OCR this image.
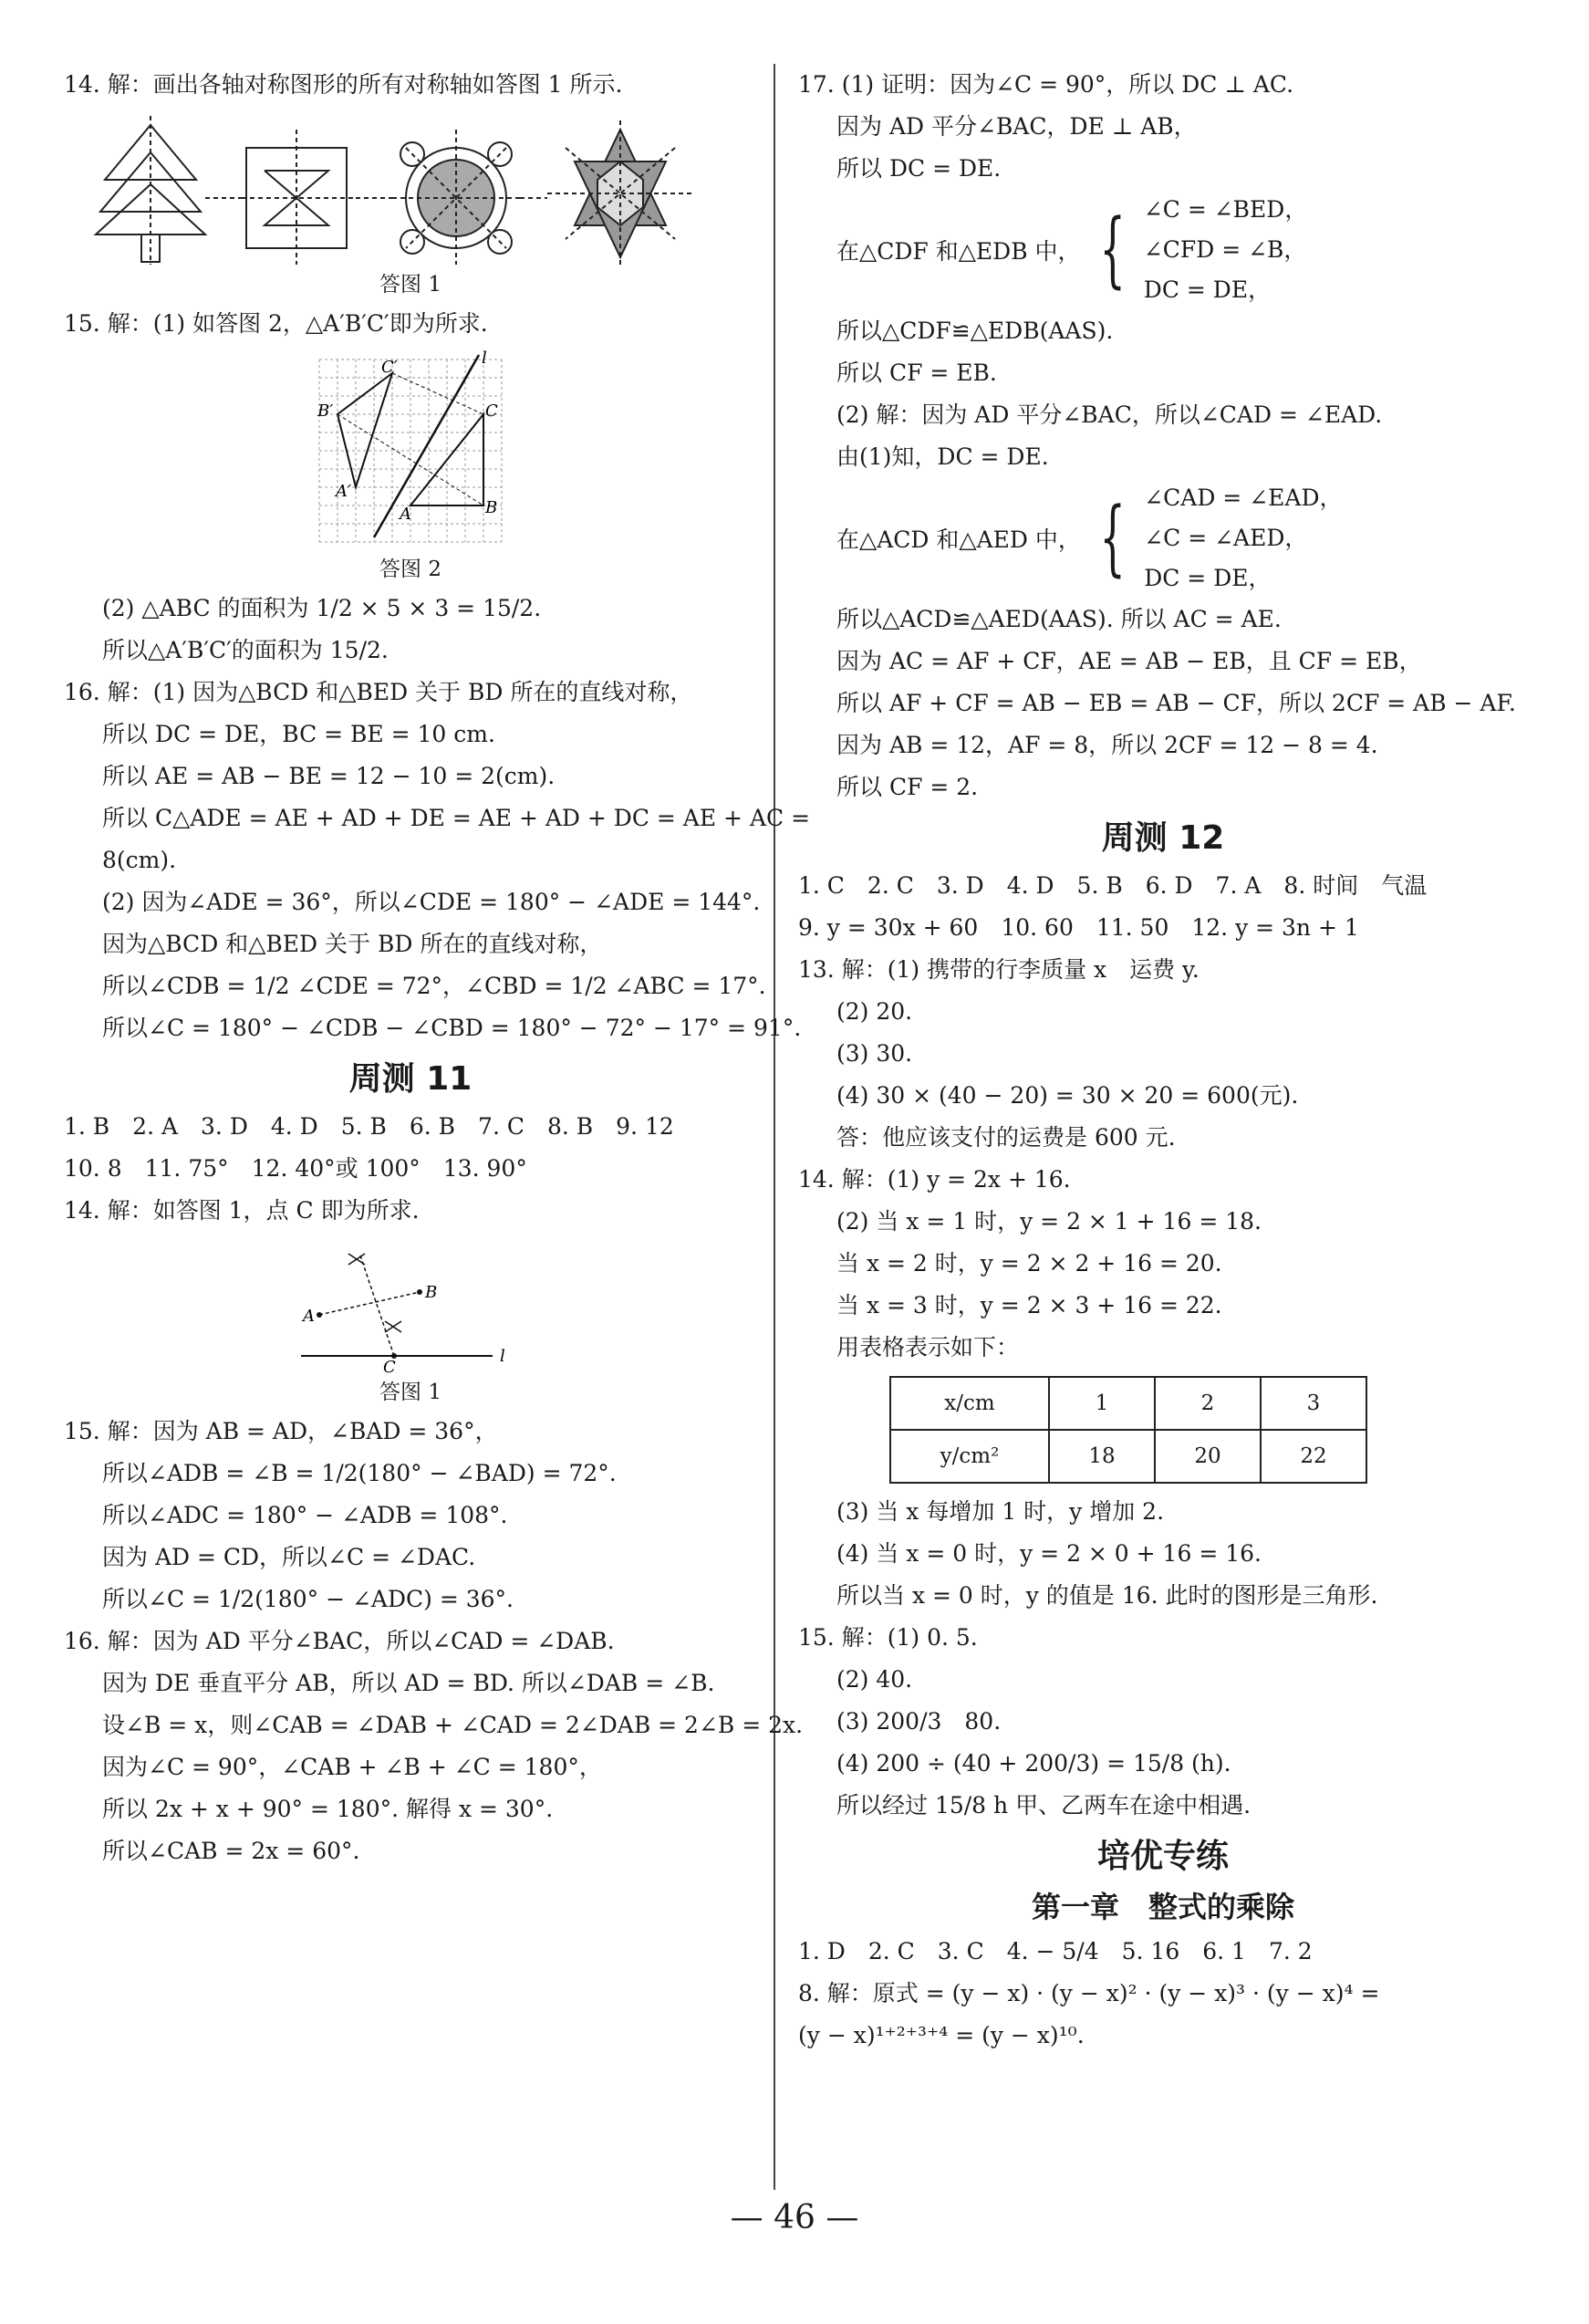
14. 解：画出各轴对称图形的所有对称轴如答图 1 所示.
答图 1
15. 解：(1) 如答图 2，△A′B′C′即为所求.
C′
B′	C
A′
A	B
l
答图 2
(2) △ABC 的面积为 1/2 × 5 × 3 = 15/2.
所以△A′B′C′的面积为 15/2.
16. 解：(1) 因为△BCD 和△BED 关于 BD 所在的直线对称，
所以 DC = DE，BC = BE = 10 cm.
所以 AE = AB − BE = 12 − 10 = 2(cm).
所以 C△ADE = AE + AD + DE = AE + AD + DC = AE + AC =
8(cm).
(2) 因为∠ADE = 36°，所以∠CDE = 180° − ∠ADE = 144°.
因为△BCD 和△BED 关于 BD 所在的直线对称，
所以∠CDB = 1/2 ∠CDE = 72°，∠CBD = 1/2 ∠ABC = 17°.
所以∠C = 180° − ∠CDB − ∠CBD = 180° − 72° − 17° = 91°.
周测 11
1. B　2. A　3. D　4. D　5. B　6. B　7. C　8. B　9. 12
10. 8　11. 75°　12. 40°或 100°　13. 90°
14. 解：如答图 1，点 C 即为所求.
A
B
C
l
答图 1
15. 解：因为 AB = AD，∠BAD = 36°，
所以∠ADB = ∠B = 1/2(180° − ∠BAD) = 72°.
所以∠ADC = 180° − ∠ADB = 108°.
因为 AD = CD，所以∠C = ∠DAC.
所以∠C = 1/2(180° − ∠ADC) = 36°.
16. 解：因为 AD 平分∠BAC，所以∠CAD = ∠DAB.
因为 DE 垂直平分 AB，所以 AD = BD. 所以∠DAB = ∠B.
设∠B = x，则∠CAB = ∠DAB + ∠CAD = 2∠DAB = 2∠B = 2x.
因为∠C = 90°，∠CAB + ∠B + ∠C = 180°，
所以 2x + x + 90° = 180°. 解得 x = 30°.
所以∠CAB = 2x = 60°.
17. (1) 证明：因为∠C = 90°，所以 DC ⊥ AC.
因为 AD 平分∠BAC，DE ⊥ AB，
所以 DC = DE.
在△CDF 和△EDB 中， { ∠C = ∠BED，
∠CFD = ∠B，
DC = DE，
所以△CDF≌△EDB(AAS).
所以 CF = EB.
(2) 解：因为 AD 平分∠BAC，所以∠CAD = ∠EAD.
由(1)知，DC = DE.
在△ACD 和△AED 中， { ∠CAD = ∠EAD，
∠C = ∠AED，
DC = DE，
所以△ACD≌△AED(AAS). 所以 AC = AE.
因为 AC = AF + CF，AE = AB − EB，且 CF = EB，
所以 AF + CF = AB − EB = AB − CF，所以 2CF = AB − AF.
因为 AB = 12，AF = 8，所以 2CF = 12 − 8 = 4.
所以 CF = 2.
周测 12
1. C　2. C　3. D　4. D　5. B　6. D　7. A　8. 时间　气温
9. y = 30x + 60　10. 60　11. 50　12. y = 3n + 1
13. 解：(1) 携带的行李质量 x　运费 y.
(2) 20.
(3) 30.
(4) 30 × (40 − 20) = 30 × 20 = 600(元).
答：他应该支付的运费是 600 元.
14. 解：(1) y = 2x + 16.
(2) 当 x = 1 时，y = 2 × 1 + 16 = 18.
当 x = 2 时，y = 2 × 2 + 16 = 20.
当 x = 3 时，y = 2 × 3 + 16 = 22.
用表格表示如下：
x/cm	1	2	3
y/cm²	18	20	22
(3) 当 x 每增加 1 时，y 增加 2.
(4) 当 x = 0 时，y = 2 × 0 + 16 = 16.
所以当 x = 0 时，y 的值是 16. 此时的图形是三角形.
15. 解：(1) 0. 5.
(2) 40.
(3) 200/3　80.
(4) 200 ÷ (40 + 200/3) = 15/8 (h).
所以经过 15/8 h 甲、乙两车在途中相遇.
培优专练
第一章　整式的乘除
1. D　2. C　3. C　4. − 5/4　5. 16　6. 1　7. 2
8. 解：原式 = (y − x) · (y − x)² · (y − x)³ · (y − x)⁴ =
(y − x)¹⁺²⁺³⁺⁴ = (y − x)¹⁰.
— 46 —
